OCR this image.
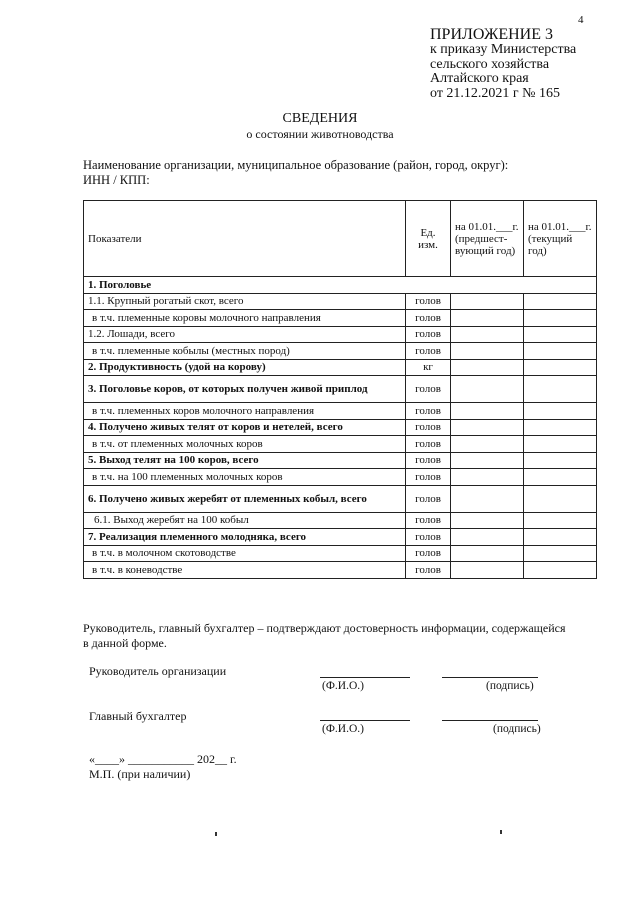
4
ПРИЛОЖЕНИЕ 3
к приказу Министерства
сельского хозяйства
Алтайского края
от 21.12.2021 г № 165
СВЕДЕНИЯ
о состоянии животноводства
Наименование организации, муниципальное образование (район, город, округ):
ИНН / КПП:
Показатели	Ед. изм.	на 01.01.___г. (предшест-вующий год)	на 01.01.___г. (текущий год)
1. Поголовье			
1.1. Крупный рогатый скот, всего	голов		
в т.ч. племенные коровы молочного направления	голов		
1.2. Лошади, всего	голов		
в т.ч. племенные кобылы (местных пород)	голов		
2. Продуктивность (удой на корову)	кг		
3. Поголовье коров, от которых получен живой приплод	голов		
в т.ч. племенных коров молочного направления	голов		
4. Получено живых телят от коров и нетелей, всего	голов		
в т.ч. от племенных молочных коров	голов		
5. Выход телят на 100 коров, всего	голов		
в т.ч. на 100 племенных молочных коров	голов		
6. Получено живых жеребят от племенных кобыл, всего	голов		
6.1. Выход жеребят на 100 кобыл	голов		
7. Реализация племенного молодняка, всего	голов		
в т.ч. в молочном скотоводстве	голов		
в т.ч. в коневодстве	голов		
Руководитель, главный бухгалтер – подтверждают достоверность информации, содержащейся в данной форме.
Руководитель организации
(Ф.И.О.)	(подпись)
Главный бухгалтер
(Ф.И.О.)	(подпись)
«____» ___________ 202__ г.
М.П. (при наличии)
